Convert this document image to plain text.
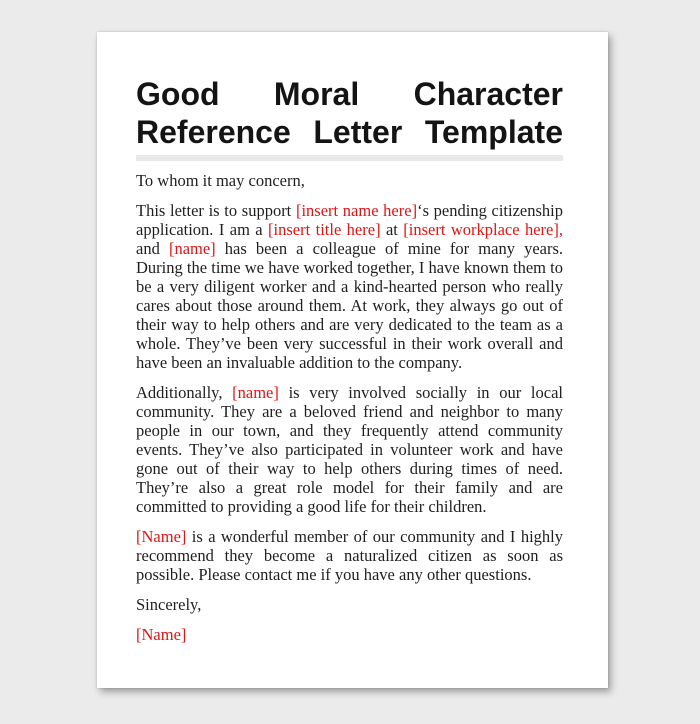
Good Moral Character
Reference Letter Template

To whom it may concern,

This letter is to support [insert name here]‘s pending citizenship application. I am a [insert title here] at [insert workplace here], and [name] has been a colleague of mine for many years. During the time we have worked together, I have known them to be a very diligent worker and a kind-hearted person who really cares about those around them. At work, they always go out of their way to help others and are very dedicated to the team as a whole. They’ve been very successful in their work overall and have been an invaluable addition to the company.

Additionally, [name] is very involved socially in our local community. They are a beloved friend and neighbor to many people in our town, and they frequently attend community events. They’ve also participated in volunteer work and have gone out of their way to help others during times of need. They’re also a great role model for their family and are committed to providing a good life for their children.

[Name] is a wonderful member of our community and I highly recommend they become a naturalized citizen as soon as possible. Please contact me if you have any other questions.

Sincerely,

[Name]
